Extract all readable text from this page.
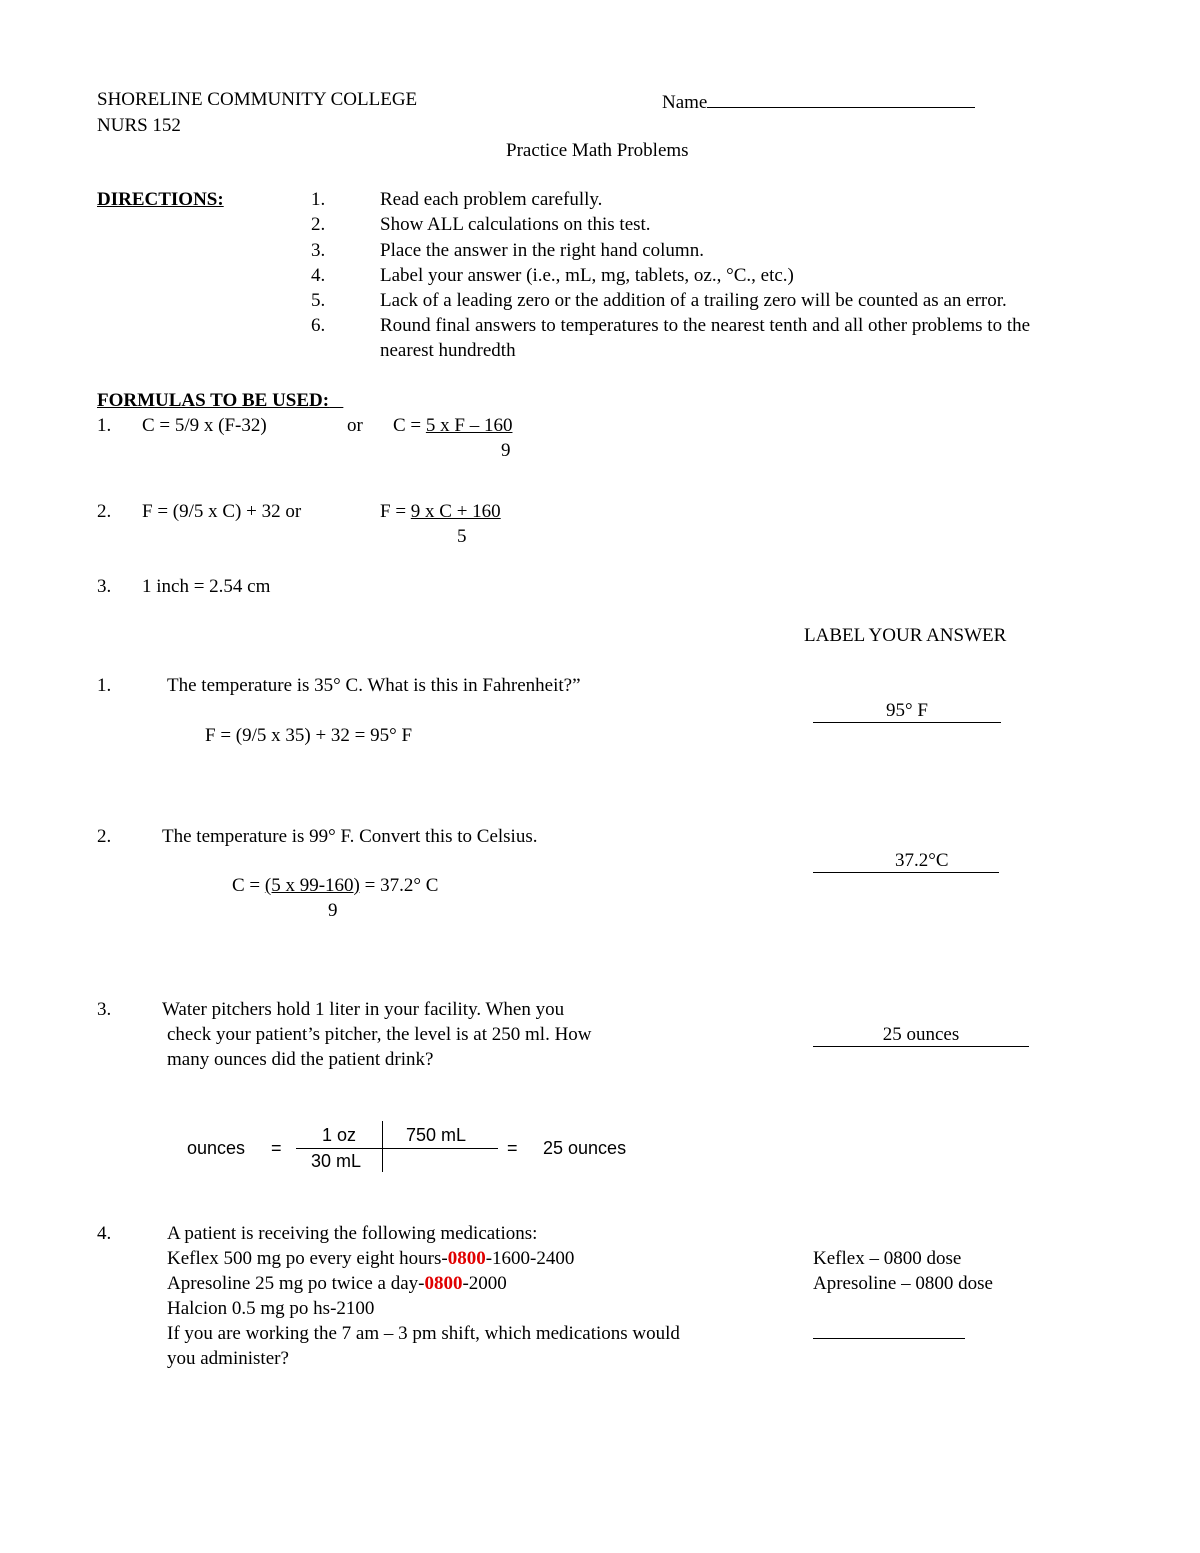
SHORELINE COMMUNITY COLLEGE
NURS 152
Name
Practice Math Problems
DIRECTIONS:	1.	Read each problem carefully.
2.	Show ALL calculations on this test.
3.	Place the answer in the right hand column.
4.	Label your answer (i.e., mL, mg, tablets, oz., °C., etc.)
5.	Lack of a leading zero or the addition of a trailing zero will be counted as an error.
6.	Round final answers to temperatures to the nearest tenth and all other problems to the
nearest hundredth
FORMULAS TO BE USED:
1. C = 5/9 x (F-32)	or C = 5 x F – 160
9
2. F = (9/5 x C) + 32 or	F = 9 x C + 160
5
3. 1 inch = 2.54 cm
LABEL YOUR ANSWER
1.	The temperature is 35° C. What is this in Fahrenheit?”
95° F
F = (9/5 x 35) + 32 = 95° F
2.	The temperature is 99° F. Convert this to Celsius.
37.2°C
C = (5 x 99-160) = 37.2° C
9
3.	Water pitchers hold 1 liter in your facility. When you
check your patient’s pitcher, the level is at 250 ml. How
many ounces did the patient drink?
25 ounces
ounces =
1 oz	750 mL
30 mL
= 25 ounces
4.	A patient is receiving the following medications:
Keflex 500 mg po every eight hours-0800-1600-2400
Apresoline 25 mg po twice a day-0800-2000
Halcion 0.5 mg po hs-2100
If you are working the 7 am – 3 pm shift, which medications would
you administer?
Keflex – 0800 dose
Apresoline – 0800 dose
